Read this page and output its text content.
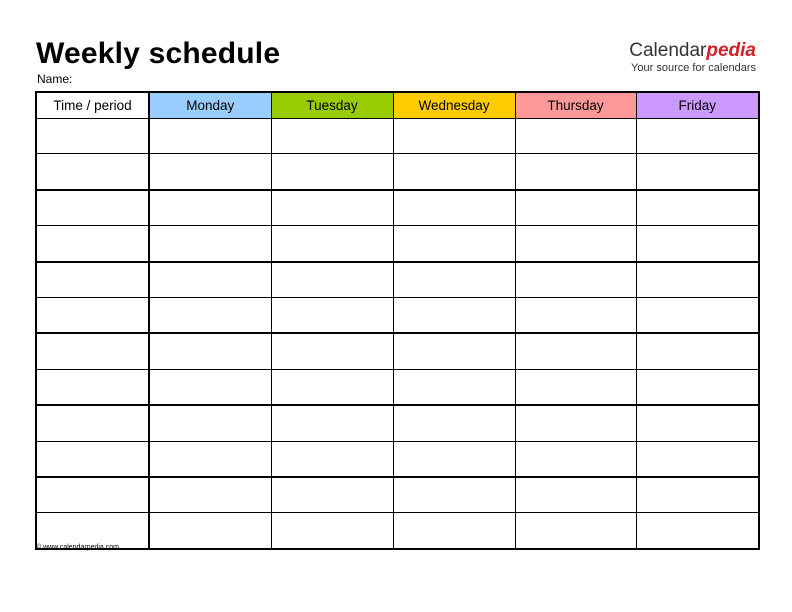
Weekly schedule
Name:
Calendarpedia
Your source for calendars
Time / period	Monday	Tuesday	Wednesday	Thursday	Friday

© www.calendarpedia.com
